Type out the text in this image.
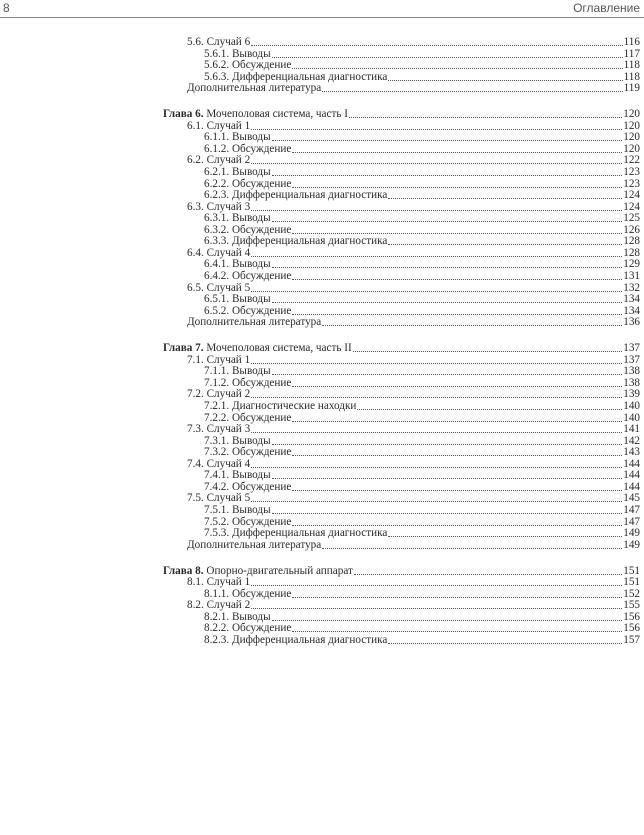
8	Оглавление
5.6. Случай 6	116
5.6.1. Выводы	117
5.6.2. Обсуждение	118
5.6.3. Дифференциальная диагностика	118
Дополнительная литература	119
Глава 6. Мочеполовая система, часть I	120
6.1. Случай 1	120
6.1.1. Выводы	120
6.1.2. Обсуждение	120
6.2. Случай 2	122
6.2.1. Выводы	123
6.2.2. Обсуждение	123
6.2.3. Дифференциальная диагностика	124
6.3. Случай 3	124
6.3.1. Выводы	125
6.3.2. Обсуждение	126
6.3.3. Дифференциальная диагностика	128
6.4. Случай 4	128
6.4.1. Выводы	129
6.4.2. Обсуждение	131
6.5. Случай 5	132
6.5.1. Выводы	134
6.5.2. Обсуждение	134
Дополнительная литература	136
Глава 7. Мочеполовая система, часть II	137
7.1. Случай 1	137
7.1.1. Выводы	138
7.1.2. Обсуждение	138
7.2. Случай 2	139
7.2.1. Диагностические находки	140
7.2.2. Обсуждение	140
7.3. Случай 3	141
7.3.1. Выводы	142
7.3.2. Обсуждение	143
7.4. Случай 4	144
7.4.1. Выводы	144
7.4.2. Обсуждение	144
7.5. Случай 5	145
7.5.1. Выводы	147
7.5.2. Обсуждение	147
7.5.3. Дифференциальная диагностика	149
Дополнительная литература	149
Глава 8. Опорно-двигательный аппарат	151
8.1. Случай 1	151
8.1.1. Обсуждение	152
8.2. Случай 2	155
8.2.1. Выводы	156
8.2.2. Обсуждение	156
8.2.3. Дифференциальная диагностика	157
